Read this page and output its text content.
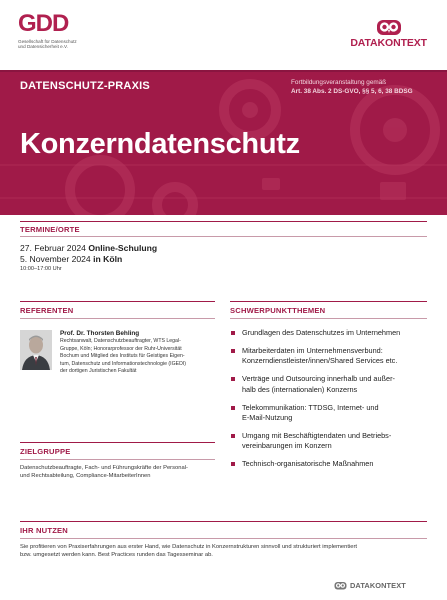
GDD
Gesellschaft für Datenschutz
und Datensicherheit e.V.	DATAKONTEXT
DATENSCHUTZ-PRAXIS	Fortbildungsveranstaltung gemäß
Art. 38 Abs. 2 DS-GVO, §§ 5, 6, 38 BDSG
Konzerndatenschutz
TERMINE/ORTE
27. Februar 2024 Online-Schulung
5. November 2024 in Köln
10:00–17:00 Uhr
REFERENTEN
Prof. Dr. Thorsten Behling
Rechtsanwalt, Datenschutzbeauftragter, WTS Legal-
Gruppe, Köln; Honorarprofessor der Ruhr-Universität
Bochum und Mitglied des Instituts für Geistiges Eigen-
tum, Datenschutz und Informationstechnologie (IGEDI)
der dortigen Juristischen Fakultät
SCHWERPUNKTTHEMEN
Grundlagen des Datenschutzes im Unternehmen
Mitarbeiterdaten im Unternehmensverbund:
Konzerndienstleister/innen/Shared Services etc.
Verträge und Outsourcing innerhalb und außer-
halb des (internationalen) Konzerns
Telekommunikation: TTDSG, Internet- und
E-Mail-Nutzung
Umgang mit Beschäftigtendaten und Betriebs-
vereinbarungen im Konzern
Technisch-organisatorische Maßnahmen
ZIELGRUPPE
Datenschutzbeauftragte, Fach- und Führungskräfte der Personal-
und Rechtsabteilung, Compliance-MitarbeiterInnen
IHR NUTZEN
Sie profitieren von Praxiserfahrungen aus erster Hand, wie Datenschutz in Konzernstrukturen sinnvoll und strukturiert implementiert
bzw. umgesetzt werden kann. Best Practices runden das Tagesseminar ab.
DATAKONTEXT
